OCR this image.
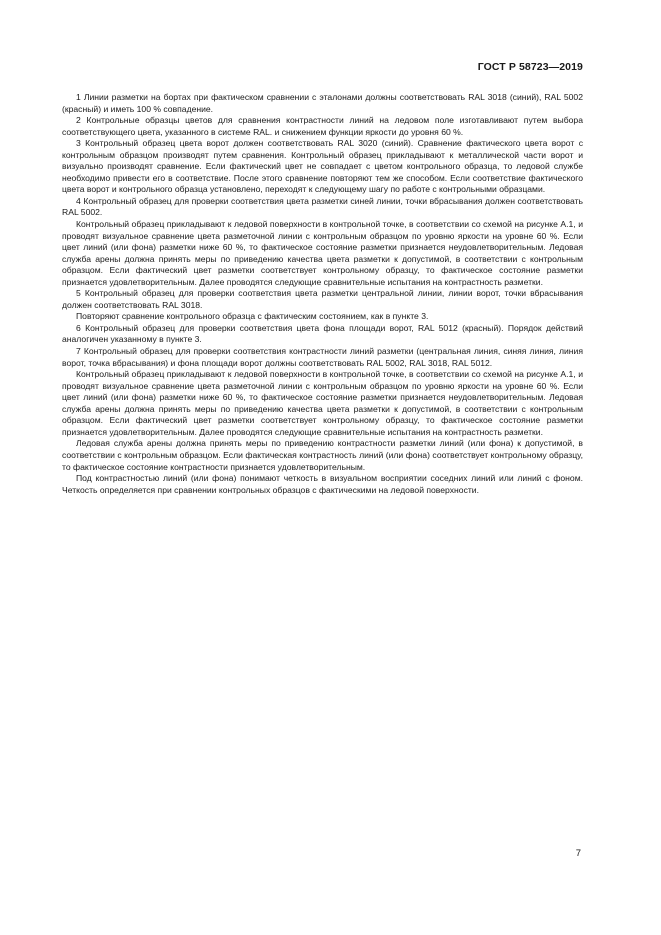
ГОСТ Р 58723—2019

1 Линии разметки на бортах при фактическом сравнении с эталонами должны соответствовать RAL 3018 (синий), RAL 5002 (красный) и иметь 100 % совпадение.

2 Контрольные образцы цветов для сравнения контрастности линий на ледовом поле изготавливают путем выбора соответствующего цвета, указанного в системе RAL. и снижением функции яркости до уровня 60 %.

3 Контрольный образец цвета ворот должен соответствовать RAL 3020 (синий). Сравнение фактического цвета ворот с контрольным образцом производят путем сравнения. Контрольный образец прикладывают к металлической части ворот и визуально производят сравнение. Если фактический цвет не совпадает с цветом контрольного образца, то ледовой службе необходимо привести его в соответствие. После этого сравнение повторяют тем же способом. Если соответствие фактического цвета ворот и контрольного образца установлено, переходят к следующему шагу по работе с контрольными образцами.

4 Контрольный образец для проверки соответствия цвета разметки синей линии, точки вбрасывания должен соответствовать RAL 5002.

Контрольный образец прикладывают к ледовой поверхности в контрольной точке, в соответствии со схемой на рисунке А.1, и проводят визуальное сравнение цвета разметочной линии с контрольным образцом по уровню яркости на уровне 60 %. Если цвет линий (или фона) разметки ниже 60 %, то фактическое состояние разметки признается неудовлетворительным. Ледовая служба арены должна принять меры по приведению качества цвета разметки к допустимой, в соответствии с контрольным образцом. Если фактический цвет разметки соответствует контрольному образцу, то фактическое состояние разметки признается удовлетворительным. Далее проводятся следующие сравнительные испытания на контрастность разметки.

5 Контрольный образец для проверки соответствия цвета разметки центральной линии, линии ворот, точки вбрасывания должен соответствовать RAL 3018.

Повторяют сравнение контрольного образца с фактическим состоянием, как в пункте 3.

6 Контрольный образец для проверки соответствия цвета фона площади ворот, RAL 5012 (красный). Порядок действий аналогичен указанному в пункте 3.

7 Контрольный образец для проверки соответствия контрастности линий разметки (центральная линия, синяя линия, линия ворот, точка вбрасывания) и фона площади ворот должны соответствовать RAL 5002, RAL 3018, RAL 5012.

Контрольный образец прикладывают к ледовой поверхности в контрольной точке, в соответствии со схемой на рисунке А.1, и проводят визуальное сравнение цвета разметочной линии с контрольным образцом по уровню яркости на уровне 60 %. Если цвет линий (или фона) разметки ниже 60 %, то фактическое состояние разметки признается неудовлетворительным. Ледовая служба арены должна принять меры по приведению качества цвета разметки к допустимой, в соответствии с контрольным образцом. Если фактический цвет разметки соответствует контрольному образцу, то фактическое состояние разметки признается удовлетворительным. Далее проводятся следующие сравнительные испытания на контрастность разметки.

Ледовая служба арены должна принять меры по приведению контрастности разметки линий (или фона) к допустимой, в соответствии с контрольным образцом. Если фактическая контрастность линий (или фона) соответствует контрольному образцу, то фактическое состояние контрастности признается удовлетворительным.

Под контрастностью линий (или фона) понимают четкость в визуальном восприятии соседних линий или линий с фоном. Четкость определяется при сравнении контрольных образцов с фактическими на ледовой поверхности.

7
